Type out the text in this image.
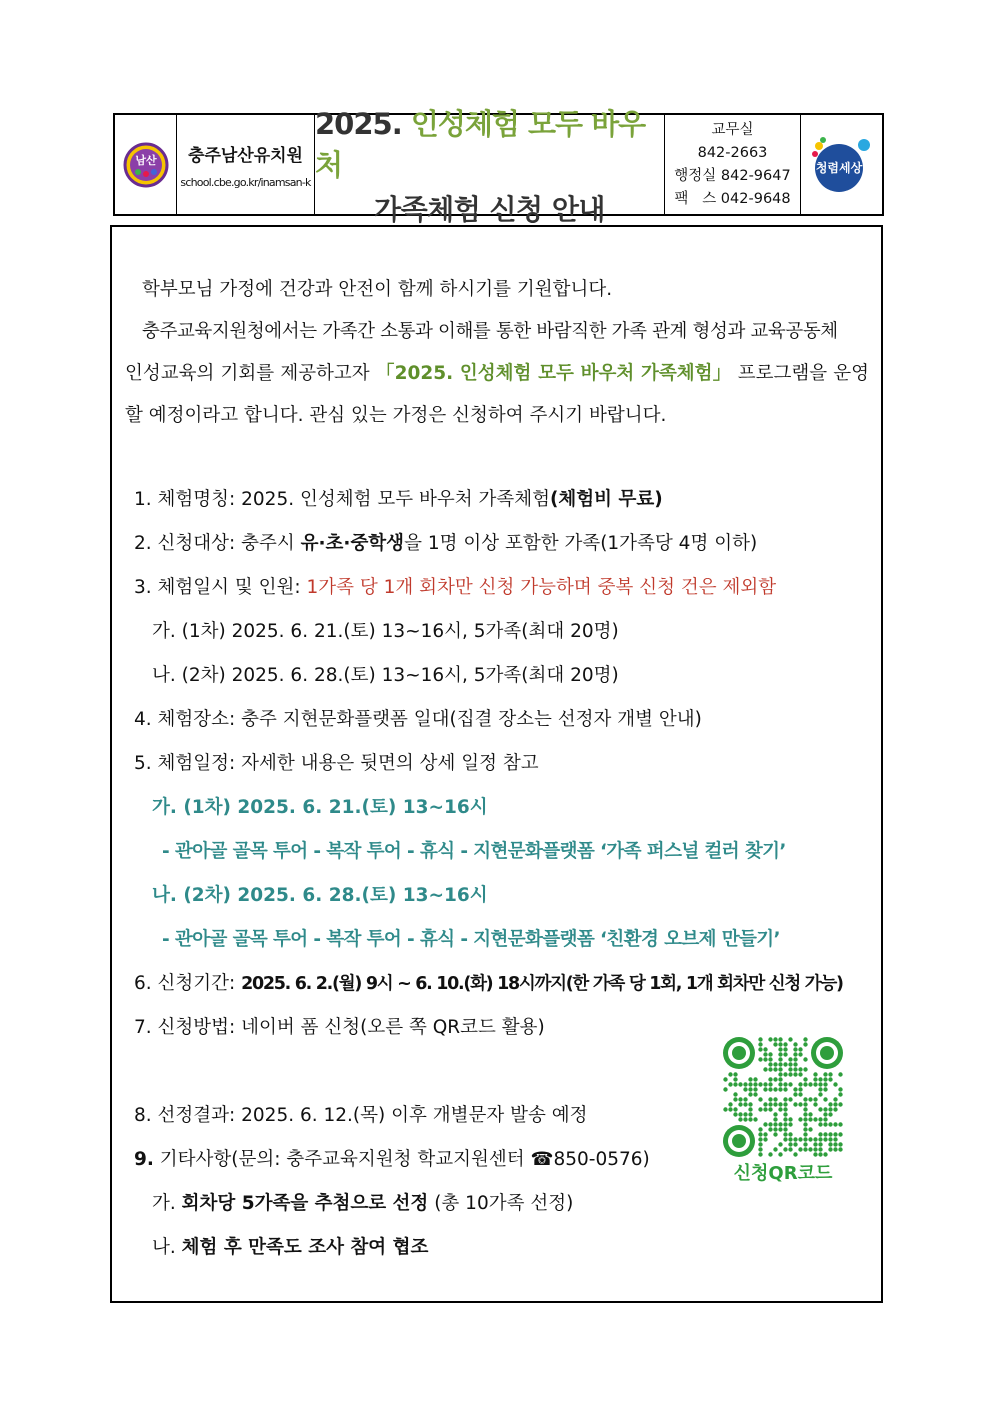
남산 충주남산유치원
school.cbe.go.kr/inamsan-k
2025. 인성체험 모두 바우처
가족체험 신청 안내
교무실
842-2663
행정실 842-9647
팩   스 042-9648
청렴세상
학부모님 가정에 건강과 안전이 함께 하시기를 기원합니다.
충주교육지원청에서는 가족간 소통과 이해를 통한 바람직한 가족 관계 형성과 교육공동체
인성교육의 기회를 제공하고자 「2025. 인성체험 모두 바우처 가족체험」 프로그램을 운영
할 예정이라고 합니다. 관심 있는 가정은 신청하여 주시기 바랍니다.
1. 체험명칭: 2025. 인성체험 모두 바우처 가족체험(체험비 무료)
2. 신청대상: 충주시 유·초·중학생을 1명 이상 포함한 가족(1가족당 4명 이하)
3. 체험일시 및 인원: 1가족 당 1개 회차만 신청 가능하며 중복 신청 건은 제외함
가. (1차) 2025. 6. 21.(토) 13~16시, 5가족(최대 20명)
나. (2차) 2025. 6. 28.(토) 13~16시, 5가족(최대 20명)
4. 체험장소: 충주 지현문화플랫폼 일대(집결 장소는 선정자 개별 안내)
5. 체험일정: 자세한 내용은 뒷면의 상세 일정 참고
가. (1차) 2025. 6. 21.(토) 13~16시
- 관아골 골목 투어 - 복작 투어 - 휴식 - 지현문화플랫폼 ‘가족 퍼스널 컬러 찾기’
나. (2차) 2025. 6. 28.(토) 13~16시
- 관아골 골목 투어 - 복작 투어 - 휴식 - 지현문화플랫폼 ‘친환경 오브제 만들기’
6. 신청기간: 2025. 6. 2.(월) 9시 ~ 6. 10.(화) 18시까지(한 가족 당 1회, 1개 회차만 신청 가능)
7. 신청방법: 네이버 폼 신청(오른 쪽 QR코드 활용)
8. 선정결과: 2025. 6. 12.(목) 이후 개별문자 발송 예정
9. 기타사항(문의: 충주교육지원청 학교지원센터 ☎850-0576)
가. 회차당 5가족을 추첨으로 선정 (총 10가족 선정)
나. 체험 후 만족도 조사 참여 협조
신청QR코드
